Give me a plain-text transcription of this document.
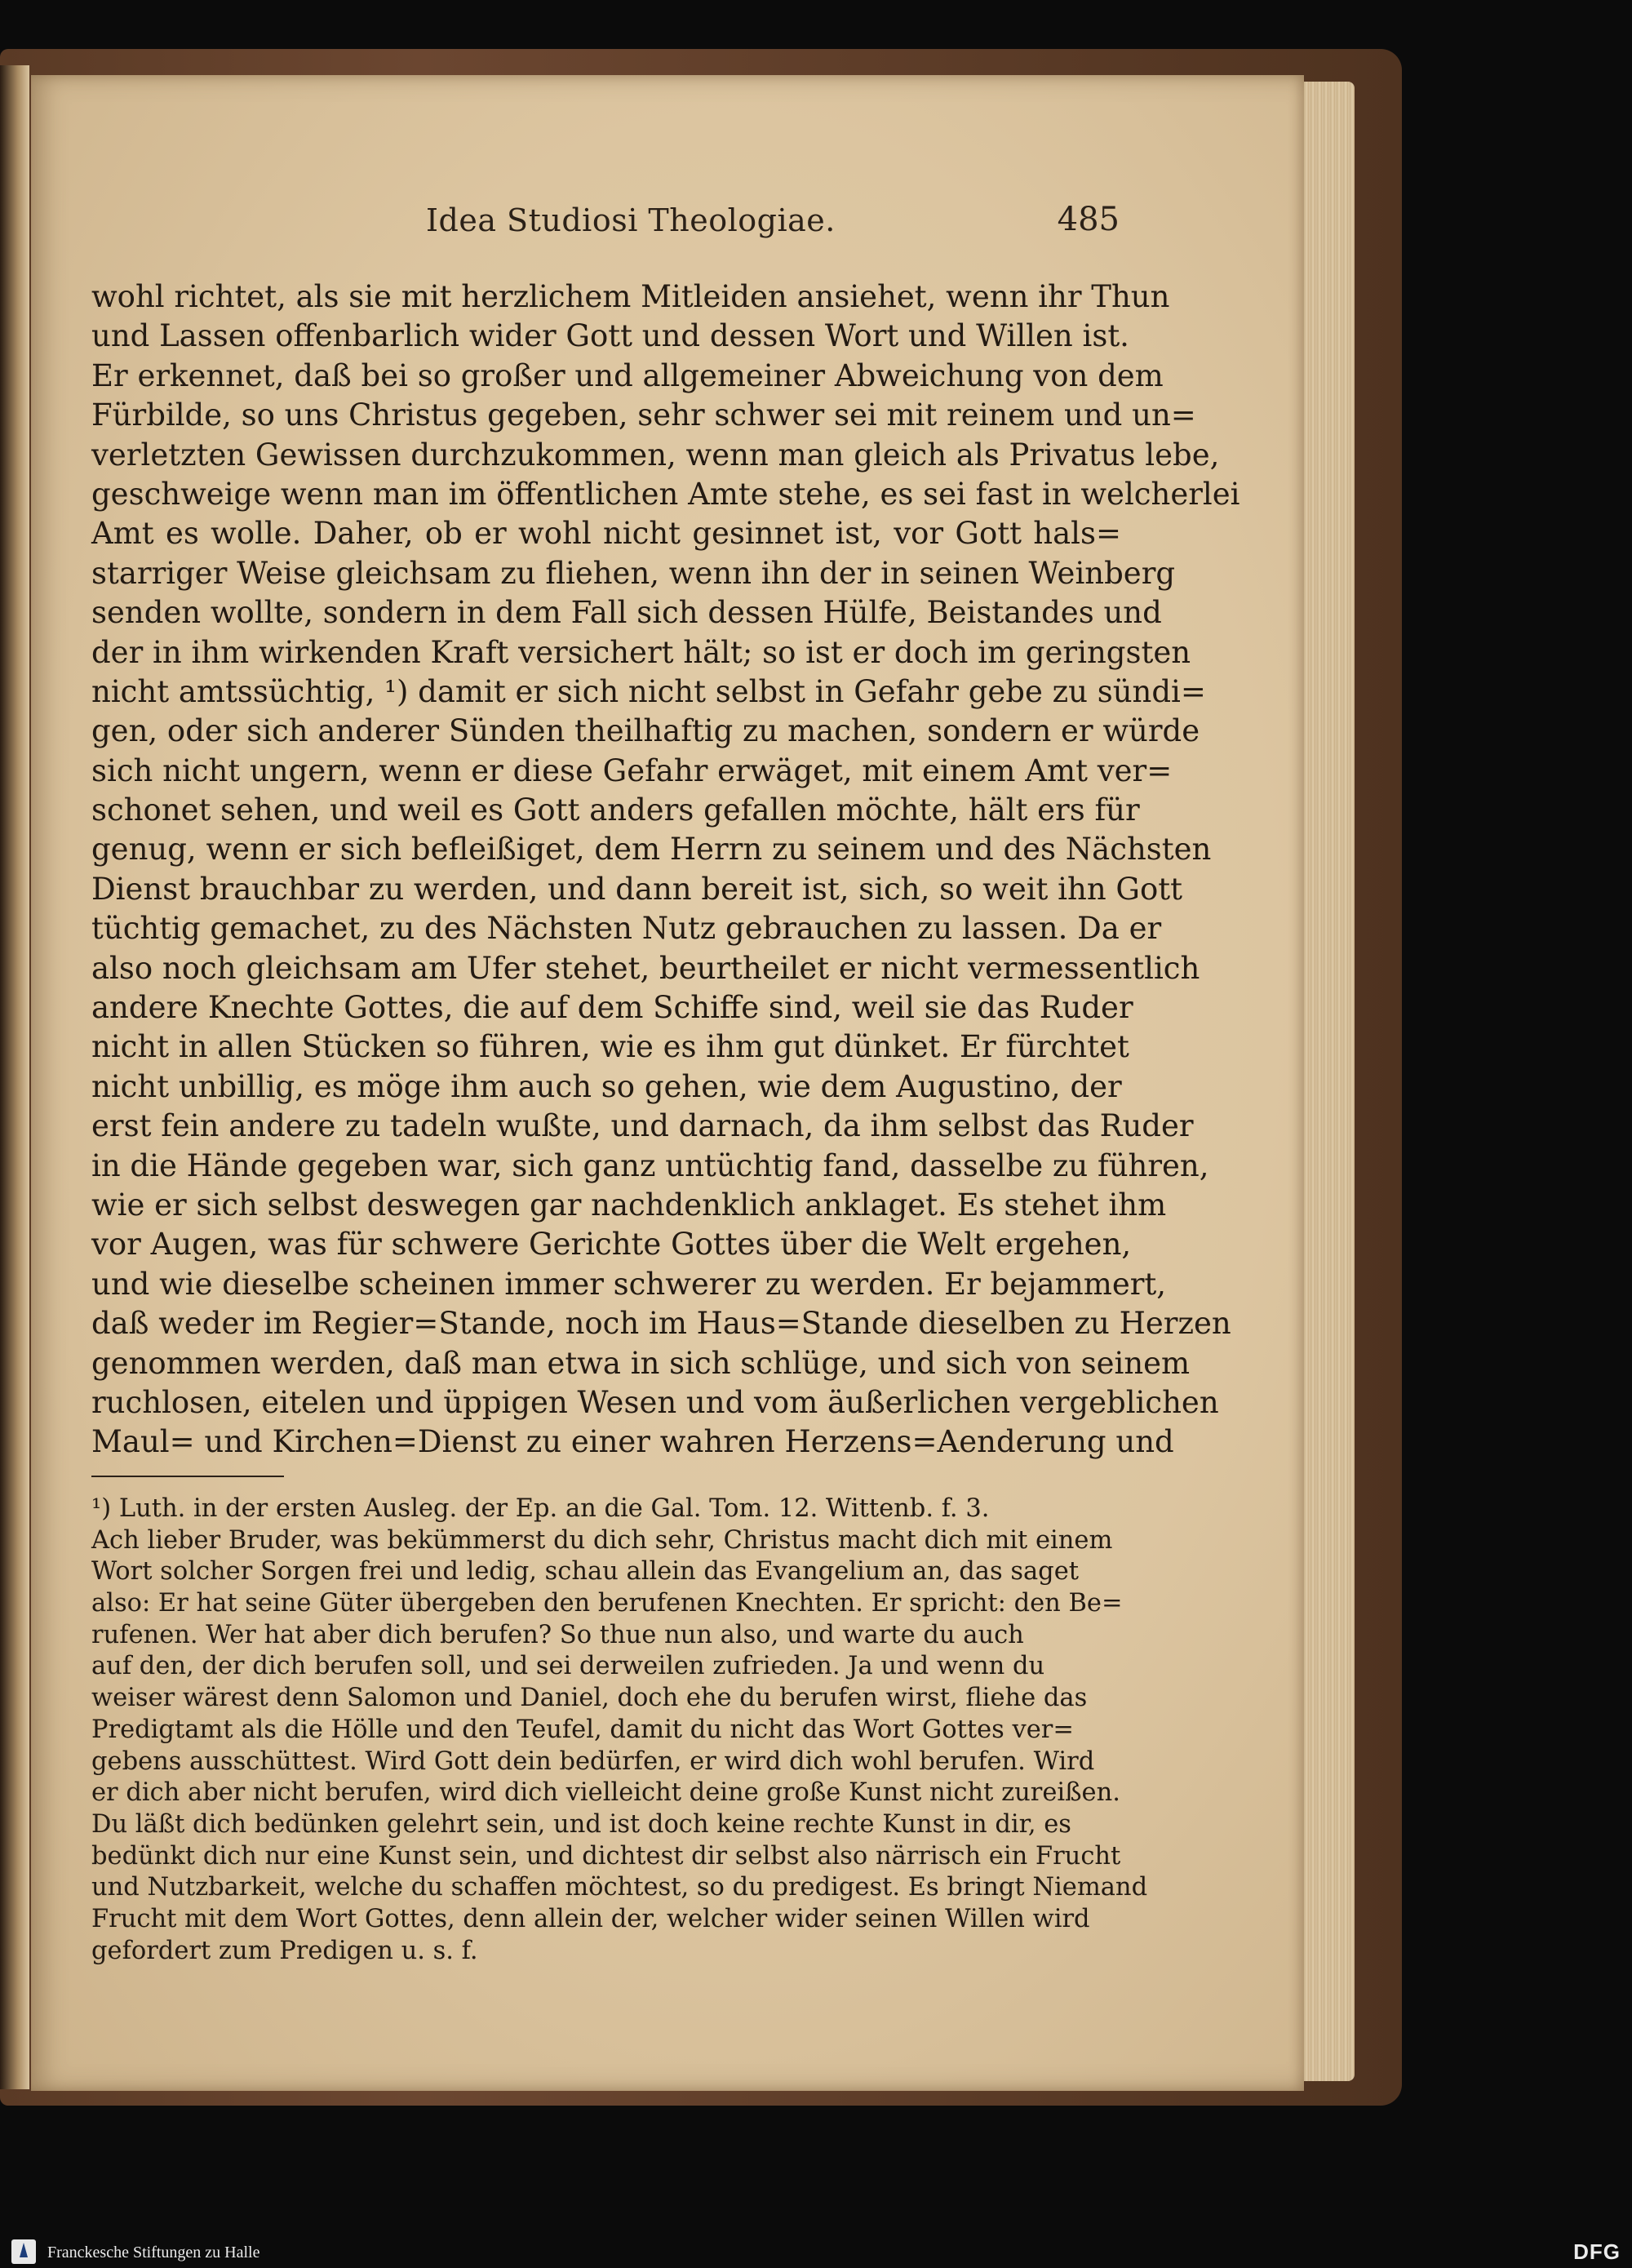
Idea Studiosi Theologiae.	485
wohl richtet, als sie mit herzlichem Mitleiden ansiehet, wenn ihr Thun
und Lassen offenbarlich wider Gott und dessen Wort und Willen ist.
Er erkennet, daß bei so großer und allgemeiner Abweichung von dem
Fürbilde, so uns Christus gegeben, sehr schwer sei mit reinem und un=
verletzten Gewissen durchzukommen, wenn man gleich als Privatus lebe,
geschweige wenn man im öffentlichen Amte stehe, es sei fast in welcherlei
Amt es wolle. Daher, ob er wohl nicht gesinnet ist, vor Gott hals=
starriger Weise gleichsam zu fliehen, wenn ihn der in seinen Weinberg
senden wollte, sondern in dem Fall sich dessen Hülfe, Beistandes und
der in ihm wirkenden Kraft versichert hält; so ist er doch im geringsten
nicht amtssüchtig, ¹) damit er sich nicht selbst in Gefahr gebe zu sündi=
gen, oder sich anderer Sünden theilhaftig zu machen, sondern er würde
sich nicht ungern, wenn er diese Gefahr erwäget, mit einem Amt ver=
schonet sehen, und weil es Gott anders gefallen möchte, hält ers für
genug, wenn er sich befleißiget, dem Herrn zu seinem und des Nächsten
Dienst brauchbar zu werden, und dann bereit ist, sich, so weit ihn Gott
tüchtig gemachet, zu des Nächsten Nutz gebrauchen zu lassen. Da er
also noch gleichsam am Ufer stehet, beurtheilet er nicht vermessentlich
andere Knechte Gottes, die auf dem Schiffe sind, weil sie das Ruder
nicht in allen Stücken so führen, wie es ihm gut dünket. Er fürchtet
nicht unbillig, es möge ihm auch so gehen, wie dem Augustino, der
erst fein andere zu tadeln wußte, und darnach, da ihm selbst das Ruder
in die Hände gegeben war, sich ganz untüchtig fand, dasselbe zu führen,
wie er sich selbst deswegen gar nachdenklich anklaget. Es stehet ihm
vor Augen, was für schwere Gerichte Gottes über die Welt ergehen,
und wie dieselbe scheinen immer schwerer zu werden. Er bejammert,
daß weder im Regier=Stande, noch im Haus=Stande dieselben zu Herzen
genommen werden, daß man etwa in sich schlüge, und sich von seinem
ruchlosen, eitelen und üppigen Wesen und vom äußerlichen vergeblichen
Maul= und Kirchen=Dienst zu einer wahren Herzens=Aenderung und
¹) Luth. in der ersten Ausleg. der Ep. an die Gal. Tom. 12. Wittenb. f. 3.
Ach lieber Bruder, was bekümmerst du dich sehr, Christus macht dich mit einem
Wort solcher Sorgen frei und ledig, schau allein das Evangelium an, das saget
also: Er hat seine Güter übergeben den berufenen Knechten. Er spricht: den Be=
rufenen. Wer hat aber dich berufen? So thue nun also, und warte du auch
auf den, der dich berufen soll, und sei derweilen zufrieden. Ja und wenn du
weiser wärest denn Salomon und Daniel, doch ehe du berufen wirst, fliehe das
Predigtamt als die Hölle und den Teufel, damit du nicht das Wort Gottes ver=
gebens ausschüttest. Wird Gott dein bedürfen, er wird dich wohl berufen. Wird
er dich aber nicht berufen, wird dich vielleicht deine große Kunst nicht zureißen.
Du läßt dich bedünken gelehrt sein, und ist doch keine rechte Kunst in dir, es
bedünkt dich nur eine Kunst sein, und dichtest dir selbst also närrisch ein Frucht
und Nutzbarkeit, welche du schaffen möchtest, so du predigest. Es bringt Niemand
Frucht mit dem Wort Gottes, denn allein der, welcher wider seinen Willen wird
gefordert zum Predigen u. s. f.
Franckesche Stiftungen zu Halle	DFG
